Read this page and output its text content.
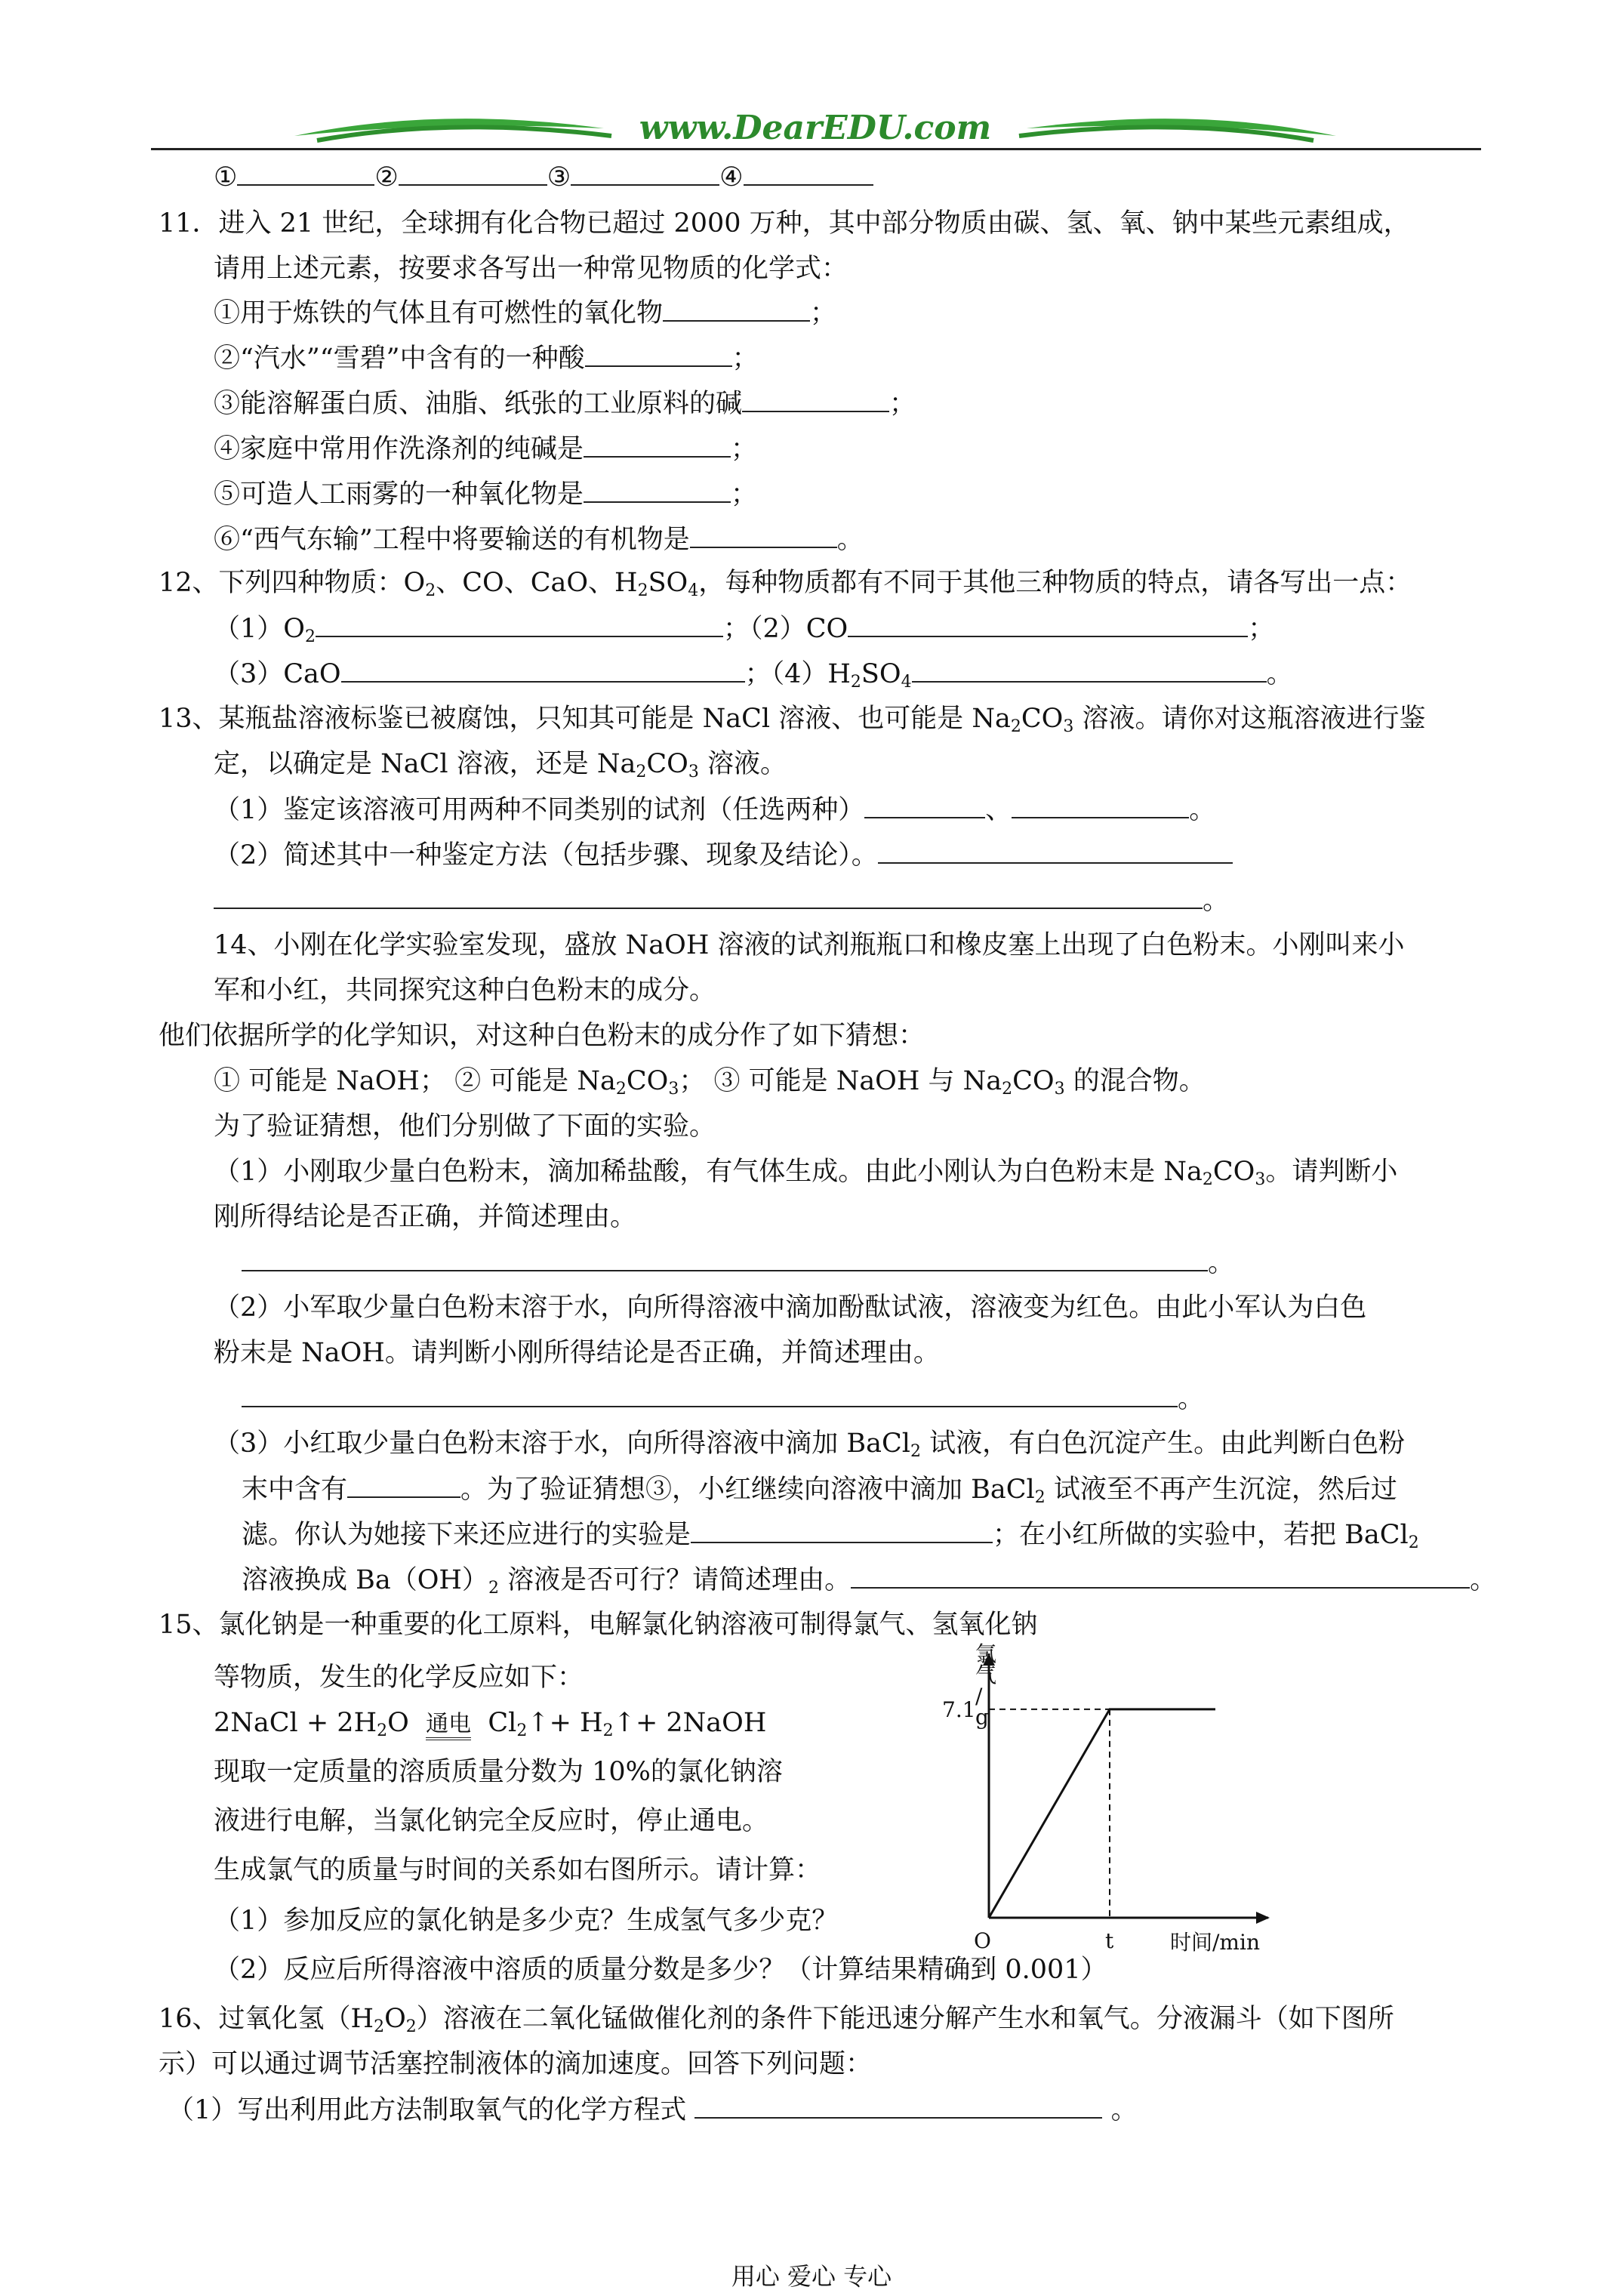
www.DearEDU.com
①	②	③	④
11．进入 21 世纪，全球拥有化合物已超过 2000 万种，其中部分物质由碳、氢、氧、钠中某些元素组成，
请用上述元素，按要求各写出一种常见物质的化学式：
①用于炼铁的气体且有可燃性的氧化物	；
②“汽水”“雪碧”中含有的一种酸	；
③能溶解蛋白质、油脂、纸张的工业原料的碱	；
④家庭中常用作洗涤剂的纯碱是	；
⑤可造人工雨雾的一种氧化物是	；
⑥“西气东输”工程中将要输送的有机物是	。
12、下列四种物质：$O_2$、CO、CaO、$H_2SO_4$，每种物质都有不同于其他三种物质的特点，请各写出一点：
$(1)O_2$	；（2）CO	；
（3）CaO	；$(4)H_2SO_4$	。
13、某瓶盐溶液标鉴已被腐蚀，只知其可能是 NaCl 溶液、也可能是 $Na_2CO_3$ 溶液。请你对这瓶溶液进行鉴
定，以确定是 NaCl 溶液，还是 $Na_2CO_3$ 溶液。
（1）鉴定该溶液可用两种不同类别的试剂（任选两种）	、	。
（2）简述其中一种鉴定方法（包括步骤、现象及结论）。
。
14、小刚在化学实验室发现，盛放 NaOH 溶液的试剂瓶瓶口和橡皮塞上出现了白色粉末。小刚叫来小
军和小红，共同探究这种白色粉末的成分。
他们依据所学的化学知识，对这种白色粉末的成分作了如下猜想：
① 可能是 NaOH； ② 可能是 $Na_2CO_3$； ③ 可能是 NaOH 与 $Na_2CO_3$ 的混合物。
为了验证猜想，他们分别做了下面的实验。
（1）小刚取少量白色粉末，滴加稀盐酸，有气体生成。由此小刚认为白色粉末是 $Na_2CO_3$。请判断小
刚所得结论是否正确，并简述理由。
。
（2）小军取少量白色粉末溶于水，向所得溶液中滴加酚酞试液，溶液变为红色。由此小军认为白色
粉末是 NaOH。请判断小刚所得结论是否正确，并简述理由。
。
（3）小红取少量白色粉末溶于水，向所得溶液中滴加 BaCl$_2$ 试液，有白色沉淀产生。由此判断白色粉
末中含有	。为了验证猜想③，小红继续向溶液中滴加 BaCl$_2$ 试液至不再产生沉淀，然后过
滤。你认为她接下来还应进行的实验是	；在小红所做的实验中，若把 BaCl$_2$
溶液换成 $Ba(OH)_2$ 溶液是否可行？请简述理由。	。
15、氯化钠是一种重要的化工原料，电解氯化钠溶液可制得氯气、氢氧化钠
等物质，发生的化学反应如下：
2NaCl + $2H_2O$ 通电 $Cl_2↑+$ $H_2↑+$ 2NaOH
现取一定质量的溶质质量分数为 10%的氯化钠溶
液进行电解，当氯化钠完全反应时，停止通电。
生成氯气的质量与时间的关系如右图所示。请计算：
（1）参加反应的氯化钠是多少克？生成氢气多少克？
（2）反应后所得溶液中溶质的质量分数是多少？（计算结果精确到 0.001）
氯
气
/
g
7.1
O	t	时间/min
16、过氧化氢$(H_2O_2)$溶液在二氧化锰做催化剂的条件下能迅速分解产生水和氧气。分液漏斗（如下图所
示）可以通过调节活塞控制液体的滴加速度。回答下列问题：
（1）写出利用此方法制取氧气的化学方程式	。
用心 爱心 专心
